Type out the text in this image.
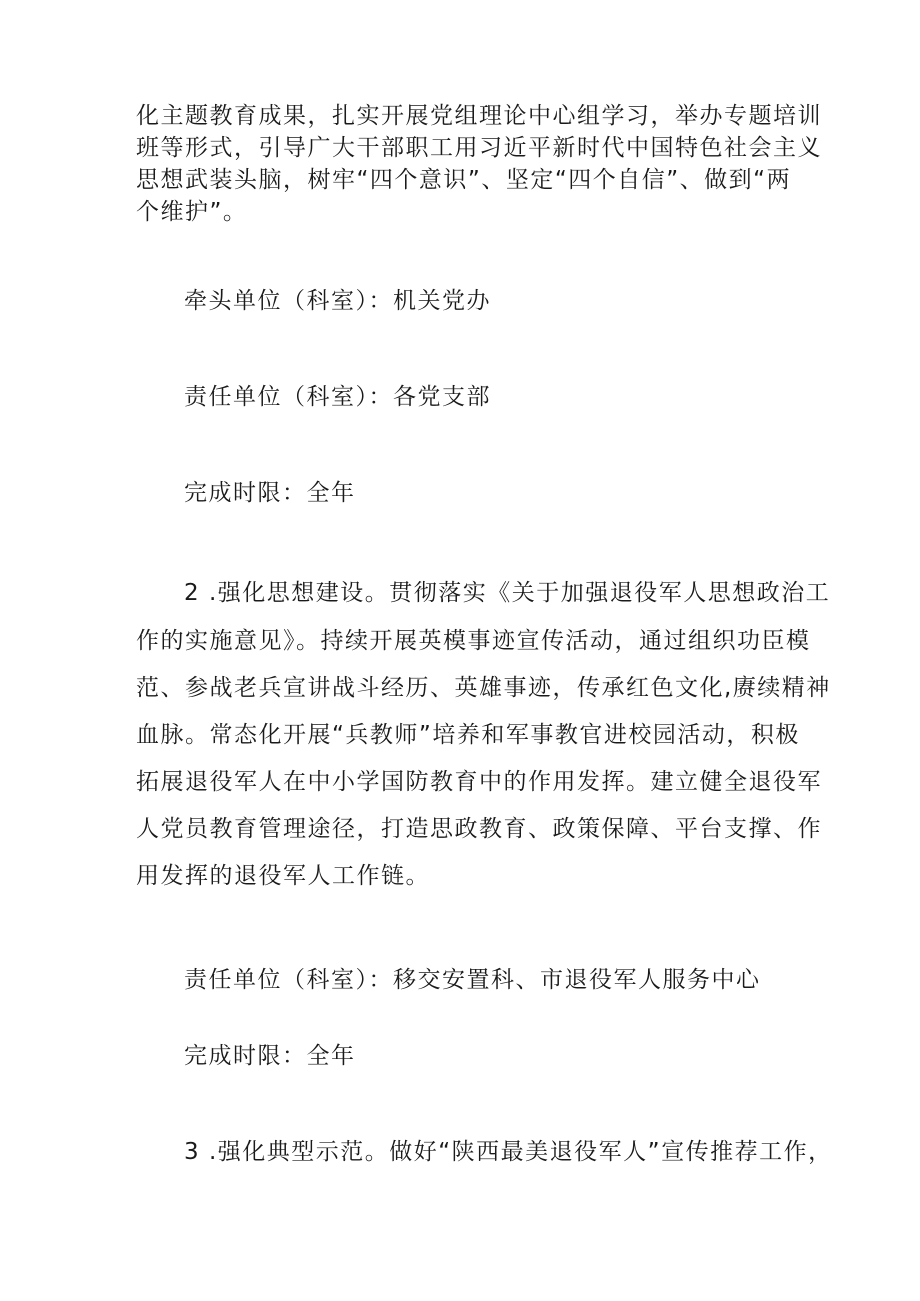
化主题教育成果，扎实开展党组理论中心组学习，举办专题培训
班等形式，引导广大干部职工用习近平新时代中国特色社会主义
思想武装头脑，树牢“四个意识”、坚定“四个自信”、做到“两
个维护”。
牵头单位（科室）：机关党办
责任单位（科室）：各党支部
完成时限：全年
2 .强化思想建设。贯彻落实《关于加强退役军人思想政治工
作的实施意见》。持续开展英模事迹宣传活动，通过组织功臣模
范、参战老兵宣讲战斗经历、英雄事迹，传承红色文化,赓续精神
血脉。常态化开展“兵教师”培养和军事教官进校园活动，积极
拓展退役军人在中小学国防教育中的作用发挥。建立健全退役军
人党员教育管理途径，打造思政教育、政策保障、平台支撑、作
用发挥的退役军人工作链。
责任单位（科室）：移交安置科、市退役军人服务中心
完成时限：全年
3 .强化典型示范。做好“陕西最美退役军人”宣传推荐工作，
